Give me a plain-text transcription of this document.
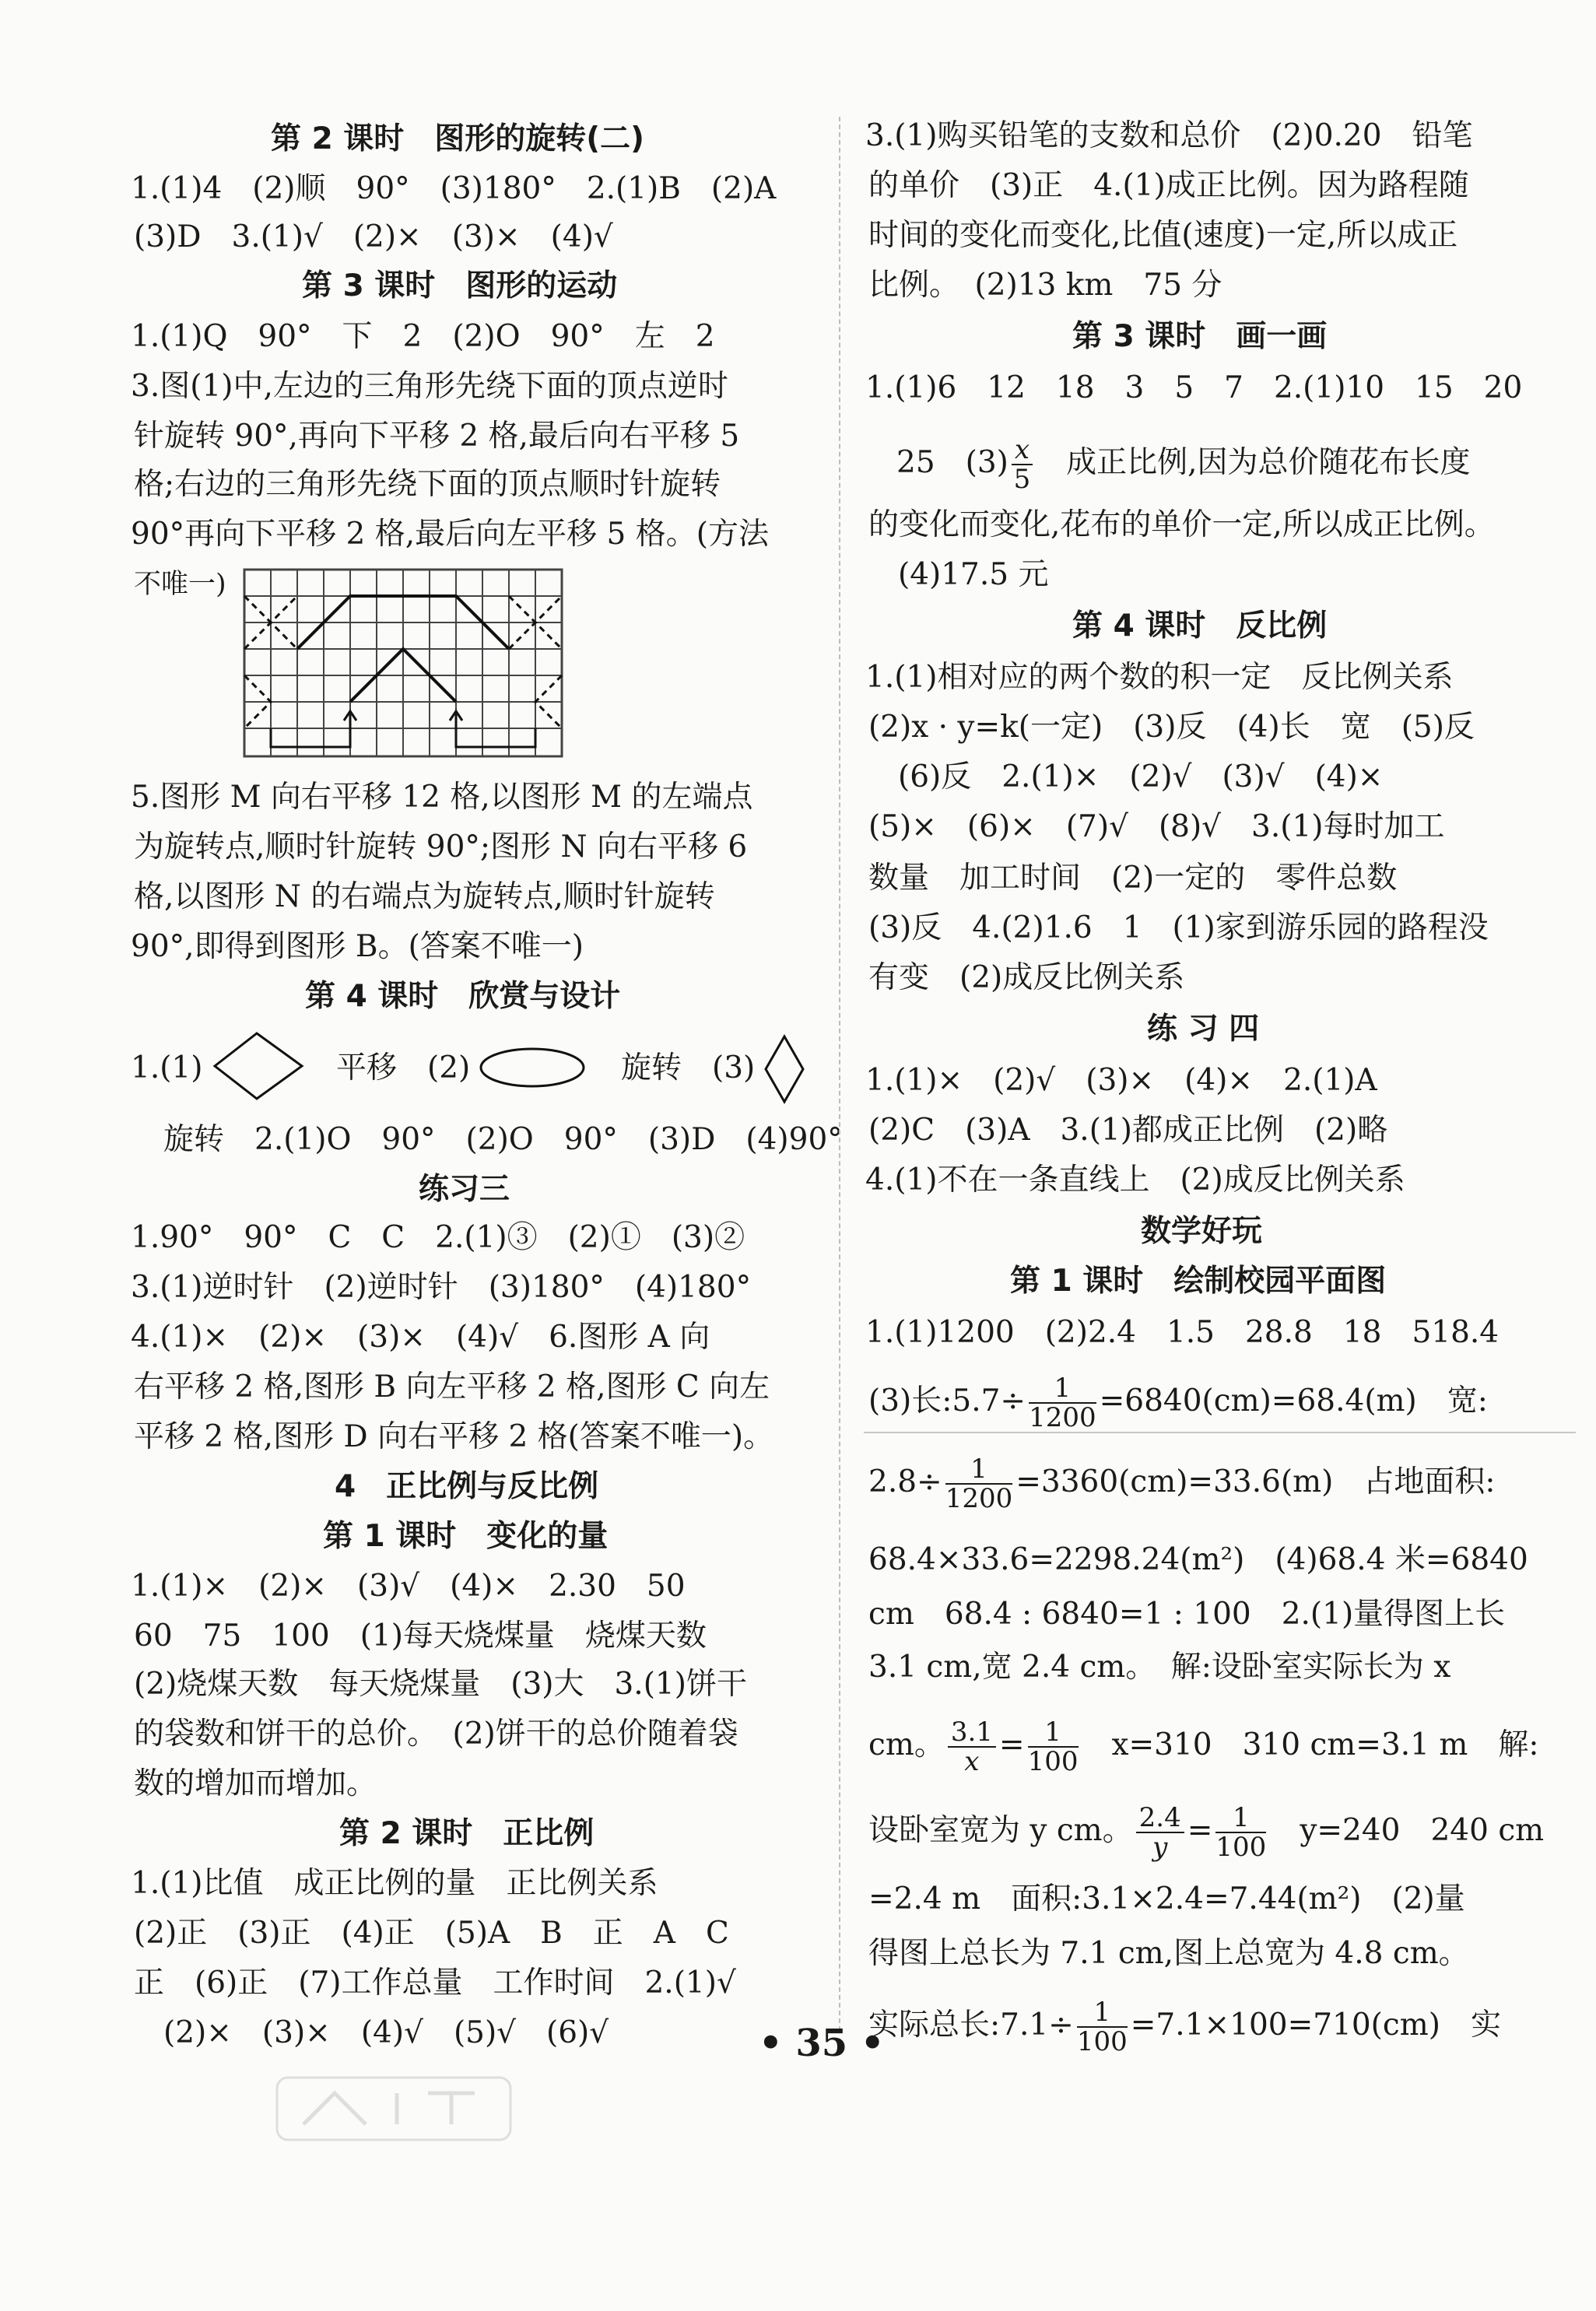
第 2 课时　图形的旋转(二)
1.(1)4　(2)顺　90°　(3)180°　2.(1)B　(2)A
(3)D　3.(1)√　(2)×　(3)×　(4)√
第 3 课时　图形的运动
1.(1)Q　90°　下　2　(2)O　90°　左　2
3.图(1)中,左边的三角形先绕下面的顶点逆时
针旋转 90°,再向下平移 2 格,最后向右平移 5
格;右边的三角形先绕下面的顶点顺时针旋转
90°再向下平移 2 格,最后向左平移 5 格。(方法
不唯一)
5.图形 M 向右平移 12 格,以图形 M 的左端点
为旋转点,顺时针旋转 90°;图形 N 向右平移 6
格,以图形 N 的右端点为旋转点,顺时针旋转
90°,即得到图形 B。(答案不唯一)
第 4 课时　欣赏与设计
1.(1)	平移　(2)	旋转　(3)
旋转　2.(1)O　90°　(2)O　90°　(3)D　(4)90°
练习三
1.90°　90°　C　C　2.(1)③　(2)①　(3)②
3.(1)逆时针　(2)逆时针　(3)180°　(4)180°
4.(1)×　(2)×　(3)×　(4)√　6.图形 A 向
右平移 2 格,图形 B 向左平移 2 格,图形 C 向左
平移 2 格,图形 D 向右平移 2 格(答案不唯一)。
4　正比例与反比例
第 1 课时　变化的量
1.(1)×　(2)×　(3)√　(4)×　2.30　50
60　75　100　(1)每天烧煤量　烧煤天数
(2)烧煤天数　每天烧煤量　(3)大　3.(1)饼干
的袋数和饼干的总价。　(2)饼干的总价随着袋
数的增加而增加。
第 2 课时　正比例
1.(1)比值　成正比例的量　正比例关系
(2)正　(3)正　(4)正　(5)A　B　正　A　C
正　(6)正　(7)工作总量　工作时间　2.(1)√
(2)×　(3)×　(4)√　(5)√　(6)√
3.(1)购买铅笔的支数和总价　(2)0.20　铅笔
的单价　(3)正　4.(1)成正比例。因为路程随
时间的变化而变化,比值(速度)一定,所以成正
比例。　(2)13 km　75 分
第 3 课时　画一画
1.(1)6　12　18　3　5　7　2.(1)10　15　20
25　$(3) \frac{x}{5}$ 　成正比例,因为总价随花布长度
的变化而变化,花布的单价一定,所以成正比例。
(4)17.5 元
第 4 课时　反比例
1.(1)相对应的两个数的积一定　反比例关系
(2)x · y=k(一定)　(3)反　(4)长　宽　(5)反
(6)反　2.(1)×　(2)√　(3)√　(4)×
(5)×　(6)×　(7)√　(8)√　3.(1)每时加工
数量　加工时间　(2)一定的　零件总数
(3)反　4.(2)1.6　1　(1)家到游乐园的路程没
有变　(2)成反比例关系
练 习 四
1.(1)×　(2)√　(3)×　(4)×　2.(1)A
(2)C　(3)A　3.(1)都成正比例　(2)略
4.(1)不在一条直线上　(2)成反比例关系
数学好玩
第 1 课时　绘制校园平面图
1.(1)1200　(2)2.4　1.5　28.8　18　518.4
(3)长:5.7÷ $\frac{1}{1200} =6840(cm)=68.4(m)$　宽:
$2.8\div \frac{1}{1200} =3360(cm)=33.6(m)$　占地面积:
68.4×33.6=2298.24(m²)　(4)68.4 米=6840
cm　68.4 : 6840=1 : 100　2.(1)量得图上长
3.1 cm,宽 2.4 cm。　解:设卧室实际长为 x
cm。 $\frac{3.1}{x} = \frac{1}{100}$ 　x=310　310 cm=3.1 m　解:
设卧室宽为 y cm。 $\frac{2.4}{y} = \frac{1}{100}$ 　y=240　240 cm
=2.4 m　面积:3.1×2.4=7.44(m²)　(2)量
得图上总长为 7.1 cm,图上总宽为 4.8 cm。
实际总长:7.1÷ $\frac{1}{100} =7.1\times 100=710(cm)$　实
• 35 •
